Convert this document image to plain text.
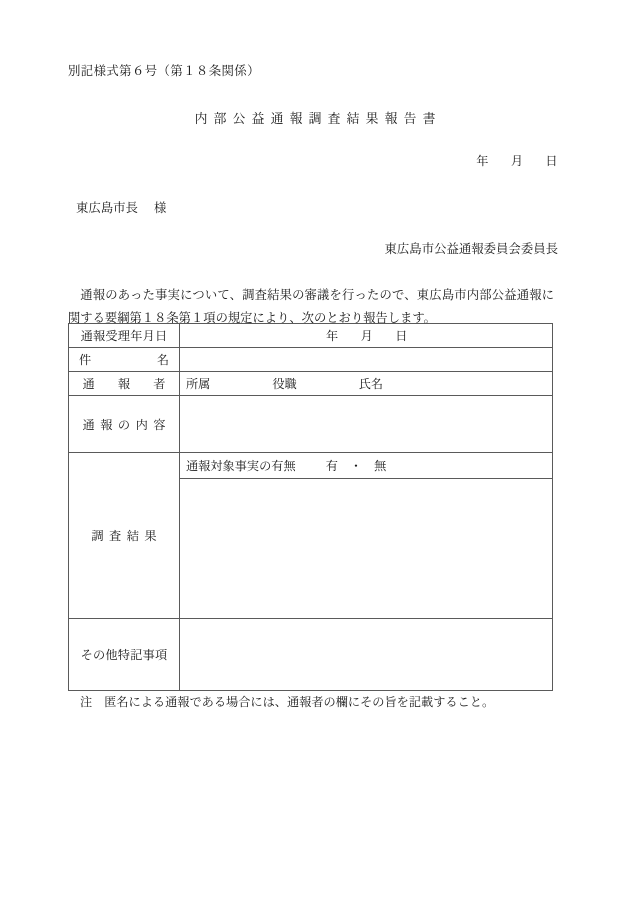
別記様式第６号（第１８条関係）
内部公益通報調査結果報告書
年 月 日
東広島市長 様
東広島市公益通報委員会委員長
通報のあった事実について、調査結果の審議を行ったので、東広島市内部公益通報に関する要綱第１８条第１項の規定により、次のとおり報告します。
通報受理年月日	年 月 日

件 名	

通　報　者	所属 役職 氏名
通報の内容	
調査結果	通報対象事実の有無 有 ・ 無

その他特記事項	
注 匿名による通報である場合には、通報者の欄にその旨を記載すること。
